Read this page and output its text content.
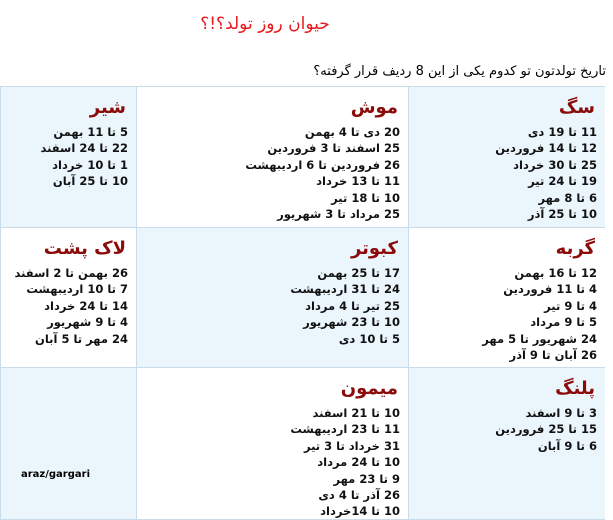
حیوان روز تولد؟!؟
تاریخ تولدتون تو کدوم یکی از این 8 ردیف قرار گرفته؟
شیر
5 تا 11 بهمن
22 تا 24 اسفند
1 تا 10 خرداد
10 تا 25 آبان
موش
20 دی تا 4 بهمن
25 اسفند تا 3 فروردین
26 فروردین تا 6 اردیبهشت
11 تا 13 خرداد
10 تا 18 تیر
25 مرداد تا 3 شهریور
سگ
11 تا 19 دی
12 تا 14 فروردین
25 تا 30 خرداد
19 تا 24 تیر
6 تا 8 مهر
10 تا 25 آذر
لاک پشت
26 بهمن تا 2 اسفند
7 تا 10 اردیبهشت
14 تا 24 خرداد
4 تا 9 شهریور
24 مهر تا 5 آبان
کبوتر
17 تا 25 بهمن
24 تا 31 اردیبهشت
25 تیر تا 4 مرداد
10 تا 23 شهریور
5 تا 10 دی
گربه
12 تا 16 بهمن
4 تا 11 فروردین
4 تا 9 تیر
5 تا 9 مرداد
24 شهریور تا 5 مهر
26 آبان تا 9 آذر
araz/gargari
میمون
10 تا 21 اسفند
11 تا 23 اردیبهشت
31 خرداد تا 3 تیر
10 تا 24 مرداد
9 تا 23 مهر
26 آذر تا 4 دی
10 تا 14خرداد
پلنگ
3 تا 9 اسفند
15 تا 25 فروردین
6 تا 9 آبان
